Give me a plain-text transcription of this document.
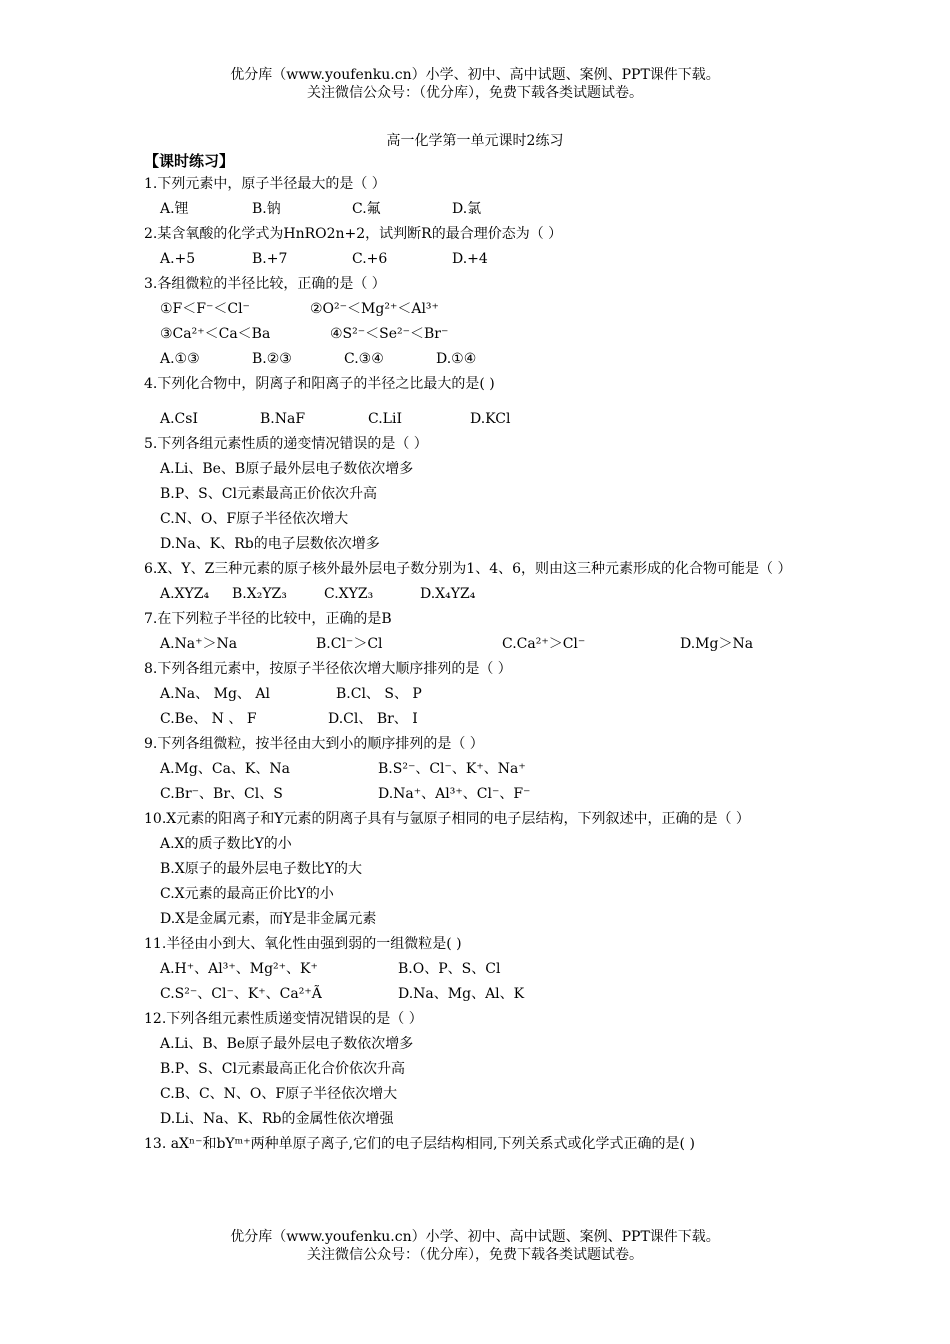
优分库（www.youfenku.cn）小学、初中、高中试题、案例、PPT课件下载。
关注微信公众号：（优分库），免费下载各类试题试卷。
高一化学第一单元课时2练习
【课时练习】
1.下列元素中，原子半径最大的是（ ）
A.锂	B.钠	C.氟	D.氯
2.某含氧酸的化学式为HnRO2n+2，试判断R的最合理价态为（ ）
A.+5	B.+7	C.+6	D.+4
3.各组微粒的半径比较，正确的是（ ）
①F＜F⁻＜Cl⁻	②O²⁻＜Mg²⁺＜Al³⁺
③Ca²⁺＜Ca＜Ba	④S²⁻＜Se²⁻＜Br⁻
A.①③	B.②③	C.③④	D.①④
4.下列化合物中，阴离子和阳离子的半径之比最大的是( )
A.CsI	B.NaF	C.LiI	D.KCl
5.下列各组元素性质的递变情况错误的是（ ）
A.Li、Be、B原子最外层电子数依次增多
B.P、S、Cl元素最高正价依次升高
C.N、O、F原子半径依次增大
D.Na、K、Rb的电子层数依次增多
6.X、Y、Z三种元素的原子核外最外层电子数分别为1、4、6，则由这三种元素形成的化合物可能是（ ）
A.XYZ₄	B.X₂YZ₃	C.XYZ₃	D.X₄YZ₄
7.在下列粒子半径的比较中，正确的是B
A.Na⁺＞Na	B.Cl⁻＞Cl	C.Ca²⁺＞Cl⁻	D.Mg＞Na
8.下列各组元素中，按原子半径依次增大顺序排列的是（ ）
A.Na、 Mg、 Al	B.Cl、 S、 P
C.Be、 N 、 F	D.Cl、 Br、 I
9.下列各组微粒，按半径由大到小的顺序排列的是（ ）
A.Mg、Ca、K、Na	B.S²⁻、Cl⁻、K⁺、Na⁺
C.Br⁻、Br、Cl、S	D.Na⁺、Al³⁺、Cl⁻、F⁻
10.X元素的阳离子和Y元素的阴离子具有与氩原子相同的电子层结构，下列叙述中，正确的是（ ）
A.X的质子数比Y的小
B.X原子的最外层电子数比Y的大
C.X元素的最高正价比Y的小
D.X是金属元素，而Y是非金属元素
11.半径由小到大、氧化性由强到弱的一组微粒是( )
A.H⁺、Al³⁺、Mg²⁺、K⁺	B.O、P、S、Cl
C.S²⁻、Cl⁻、K⁺、Ca²⁺Ã	D.Na、Mg、Al、K
12.下列各组元素性质递变情况错误的是（ ）
A.Li、B、Be原子最外层电子数依次增多
B.P、S、Cl元素最高正化合价依次升高
C.B、C、N、O、F原子半径依次增大
D.Li、Na、K、Rb的金属性依次增强
13. aXⁿ⁻和bYᵐ⁺两种单原子离子,它们的电子层结构相同,下列关系式或化学式正确的是( )
优分库（www.youfenku.cn）小学、初中、高中试题、案例、PPT课件下载。
关注微信公众号：（优分库），免费下载各类试题试卷。
